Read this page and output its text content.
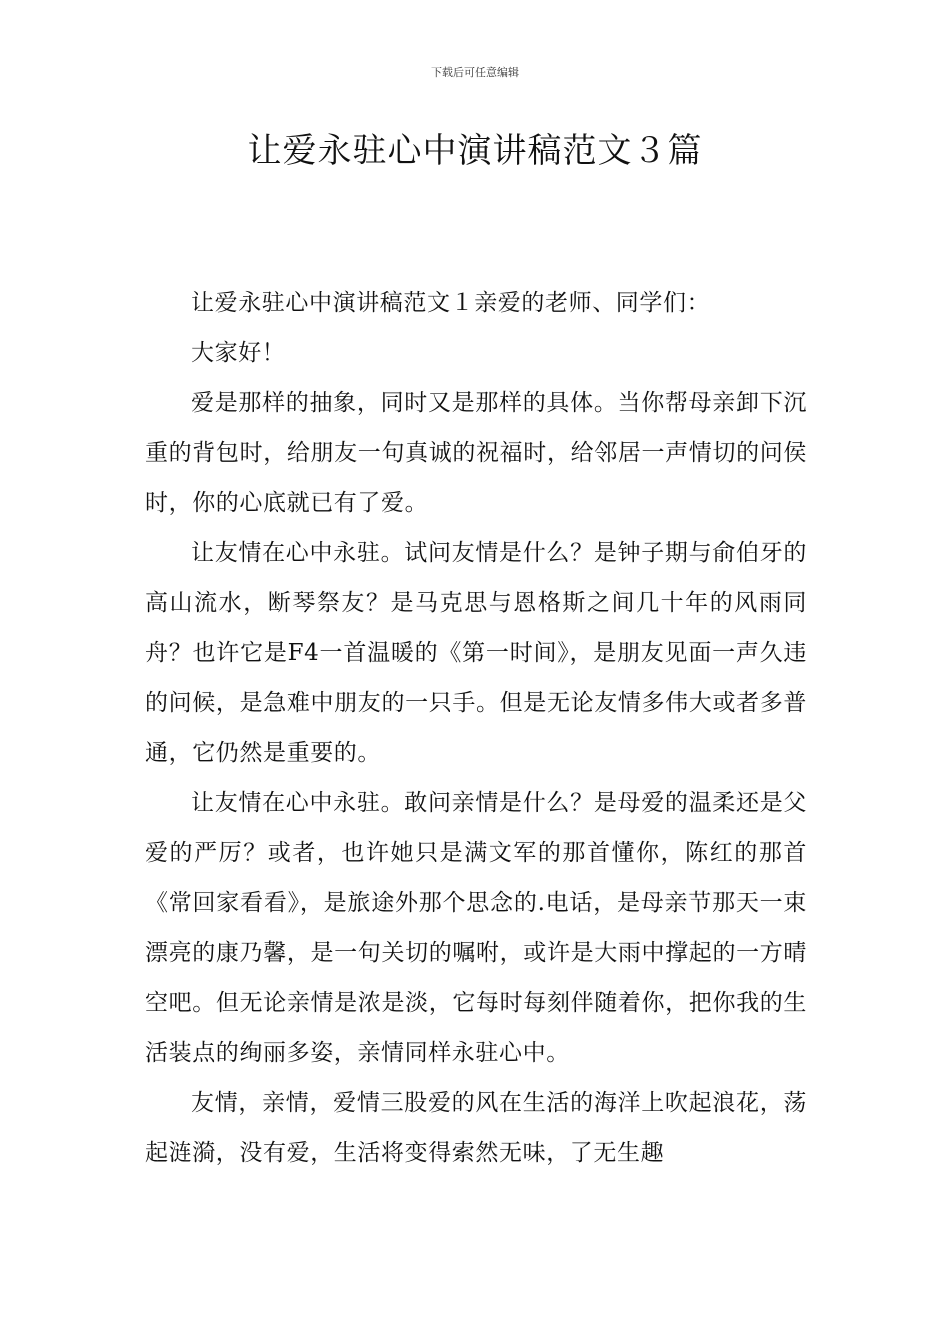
下载后可任意编辑
让爱永驻心中演讲稿范文３篇

让爱永驻心中演讲稿范文１亲爱的老师、同学们：

大家好！

爱是那样的抽象，同时又是那样的具体。当你帮母亲卸下沉重的背包时，给朋友一句真诚的祝福时，给邻居一声情切的问侯时，你的心底就已有了爱。

让友情在心中永驻。试问友情是什么？是钟子期与俞伯牙的高山流水，断琴祭友？是马克思与恩格斯之间几十年的风雨同舟？也许它是F4一首温暖的《第一时间》，是朋友见面一声久违的问候，是急难中朋友的一只手。但是无论友情多伟大或者多普通，它仍然是重要的。

让友情在心中永驻。敢问亲情是什么？是母爱的温柔还是父爱的严厉？或者，也许她只是满文军的那首懂你，陈红的那首《常回家看看》，是旅途外那个思念的.电话，是母亲节那天一束漂亮的康乃馨，是一句关切的嘱咐，或许是大雨中撑起的一方晴空吧。但无论亲情是浓是淡，它每时每刻伴随着你，把你我的生活装点的绚丽多姿，亲情同样永驻心中。

友情，亲情，爱情三股爱的风在生活的海洋上吹起浪花，荡起涟漪，没有爱，生活将变得索然无味，了无生趣
